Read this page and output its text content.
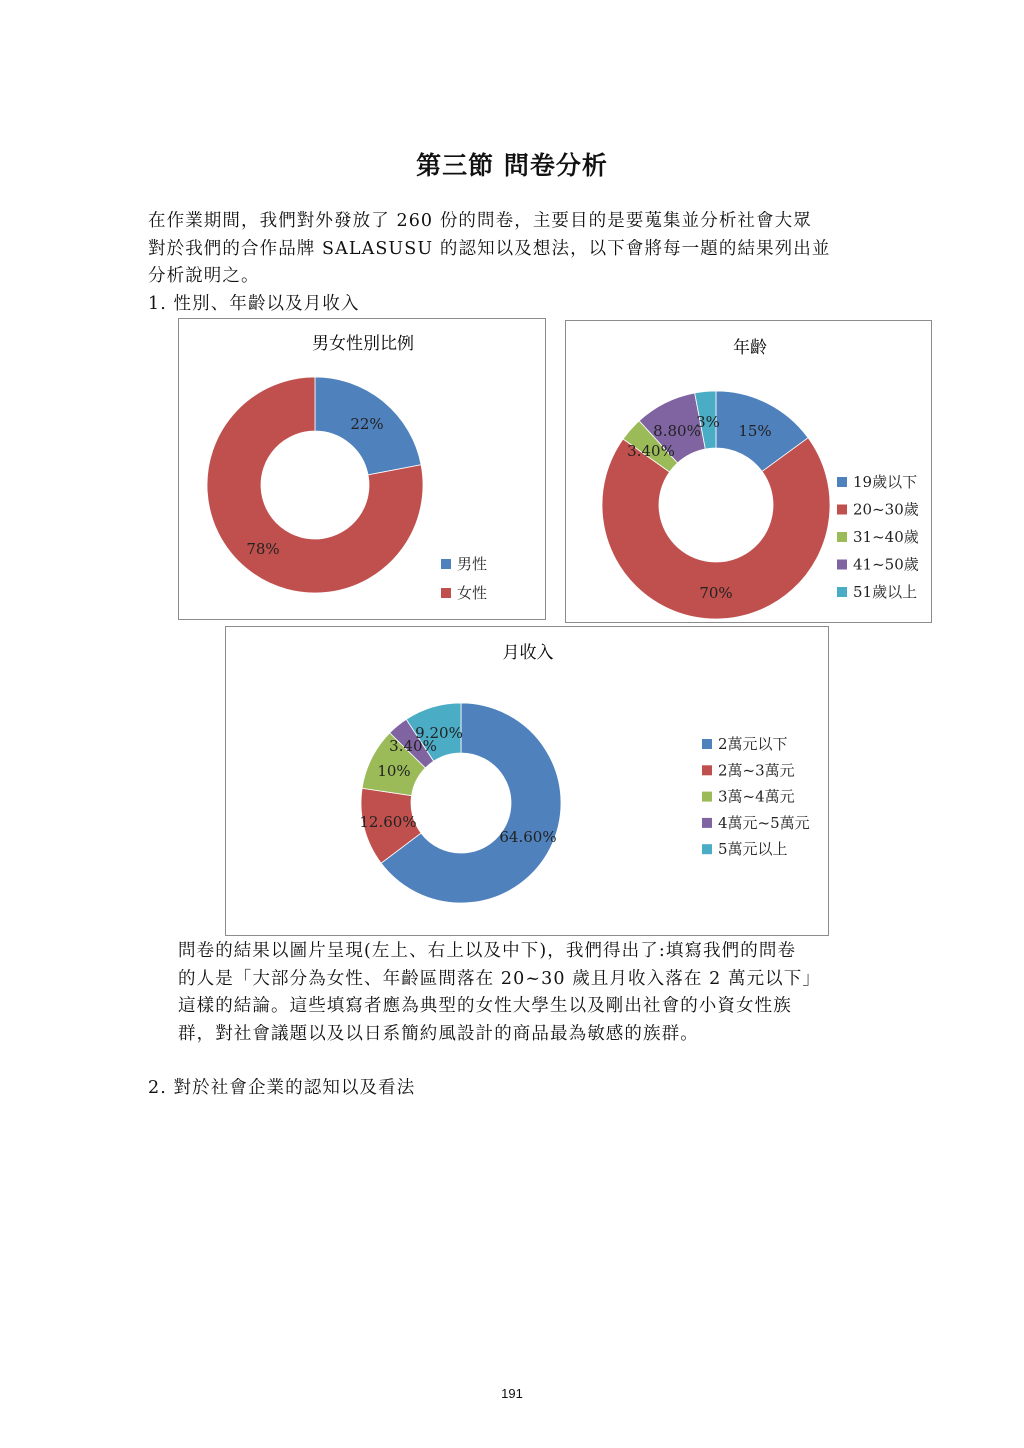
第三節 問卷分析
在作業期間，我們對外發放了 260 份的問卷，主要目的是要蒐集並分析社會大眾
對於我們的合作品牌 SALASUSU 的認知以及想法，以下會將每一題的結果列出並
分析說明之。
1. 性別、年齡以及月收入
男女性別比例
22%
78%
男性
女性
年齡
15%
70%
3.40%
8.80%
3%
19歲以下
20~30歲
31~40歲
41~50歲
51歲以上
月收入
64.60%
12.60%
10%
3.40%
9.20%
2萬元以下
2萬~3萬元
3萬~4萬元
4萬元~5萬元
5萬元以上
問卷的結果以圖片呈現(左上、右上以及中下)，我們得出了:填寫我們的問卷
的人是「大部分為女性、年齡區間落在 20~30 歲且月收入落在 2 萬元以下」
這樣的結論。這些填寫者應為典型的女性大學生以及剛出社會的小資女性族
群，對社會議題以及以日系簡約風設計的商品最為敏感的族群。
2. 對於社會企業的認知以及看法
191
